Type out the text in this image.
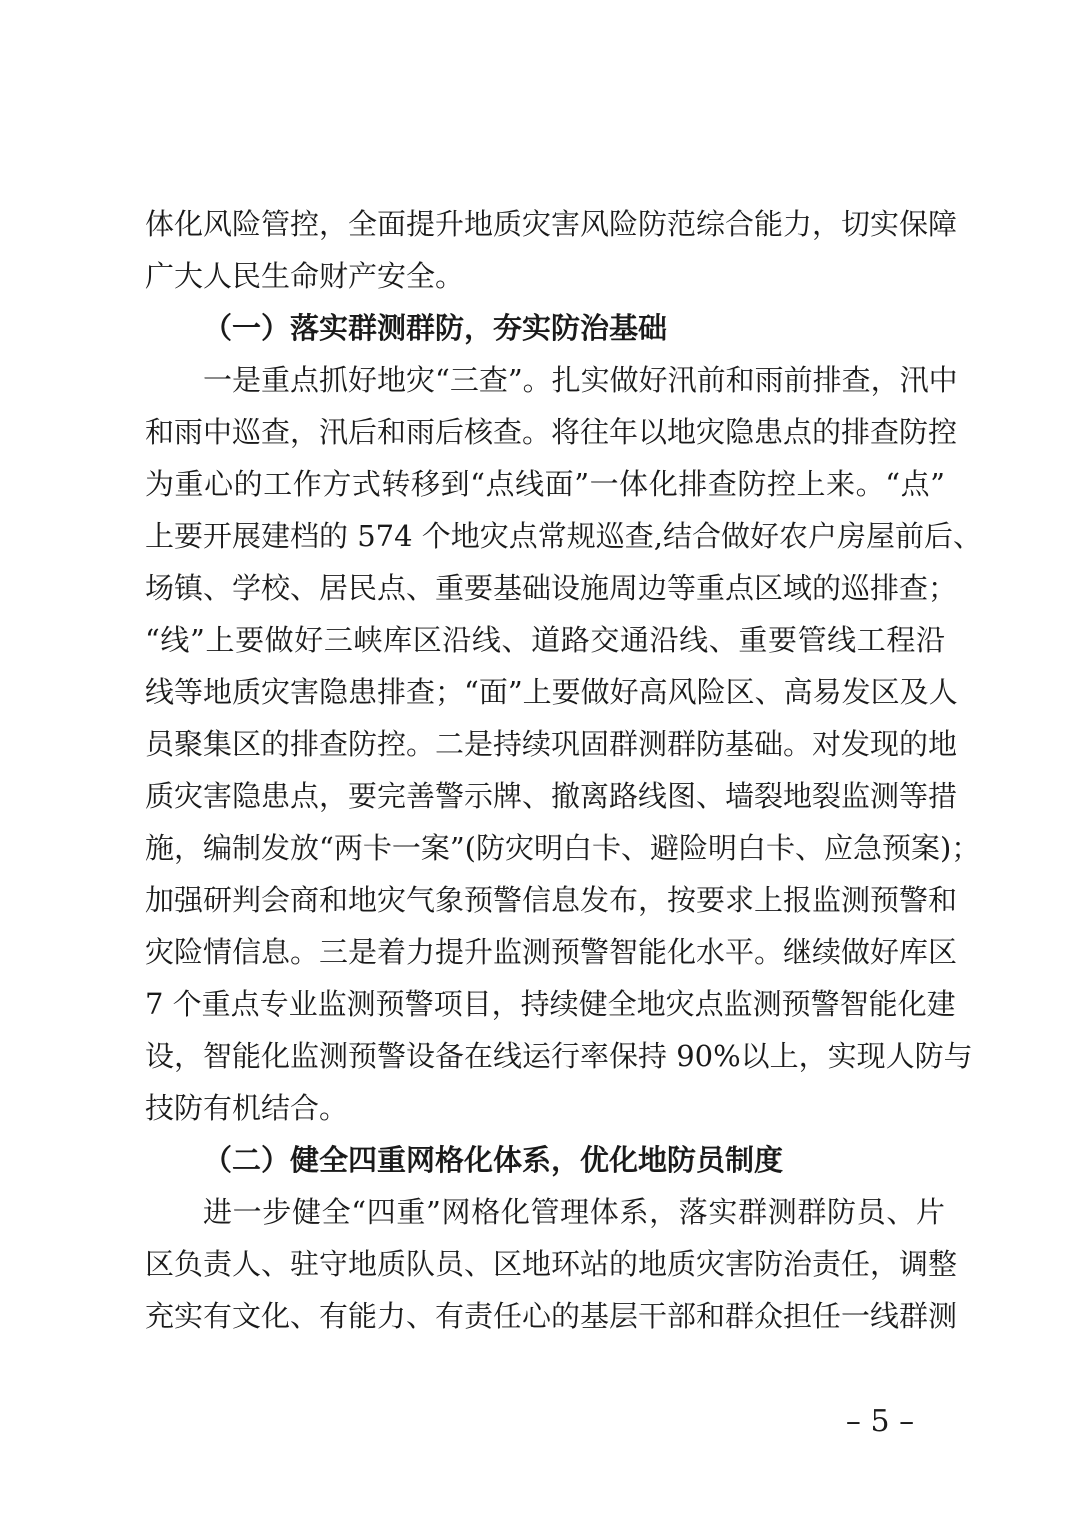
体化风险管控，全面提升地质灾害风险防范综合能力，切实保障
广大人民生命财产安全。
（一）落实群测群防，夯实防治基础
一是重点抓好地灾“三查”。扎实做好汛前和雨前排查，汛中
和雨中巡查，汛后和雨后核查。将往年以地灾隐患点的排查防控
为重心的工作方式转移到“点线面”一体化排查防控上来。“点”
上要开展建档的 574 个地灾点常规巡查,结合做好农户房屋前后、
场镇、学校、居民点、重要基础设施周边等重点区域的巡排查；
“线”上要做好三峡库区沿线、道路交通沿线、重要管线工程沿
线等地质灾害隐患排查；“面”上要做好高风险区、高易发区及人
员聚集区的排查防控。二是持续巩固群测群防基础。对发现的地
质灾害隐患点，要完善警示牌、撤离路线图、墙裂地裂监测等措
施，编制发放“两卡一案”(防灾明白卡、避险明白卡、应急预案)；
加强研判会商和地灾气象预警信息发布，按要求上报监测预警和
灾险情信息。三是着力提升监测预警智能化水平。继续做好库区
7 个重点专业监测预警项目，持续健全地灾点监测预警智能化建
设，智能化监测预警设备在线运行率保持 90%以上，实现人防与
技防有机结合。
（二）健全四重网格化体系，优化地防员制度
进一步健全“四重”网格化管理体系，落实群测群防员、片
区负责人、驻守地质队员、区地环站的地质灾害防治责任，调整
充实有文化、有能力、有责任心的基层干部和群众担任一线群测
– 5 –
